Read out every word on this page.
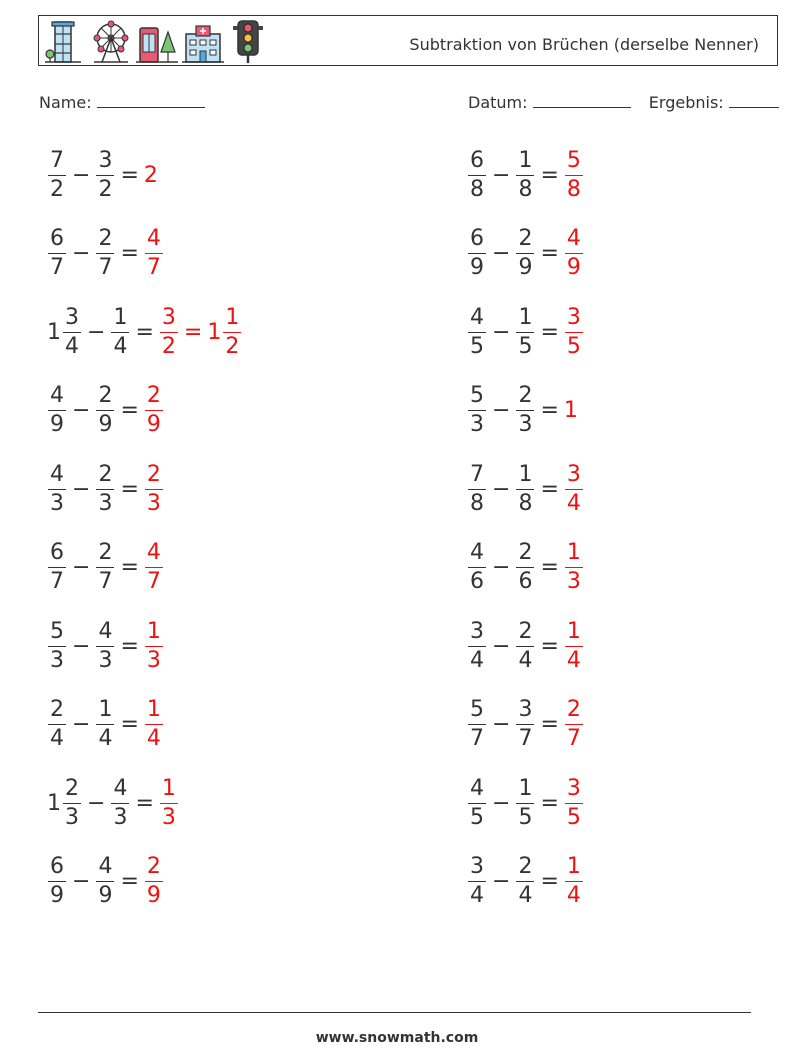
Subtraktion von Brüchen (derselbe Nenner)
Name:	Datum:	Ergebnis:
$\frac{7}{2} - \frac{3}{2} = 2$	$\frac{6}{8} - \frac{1}{8} = \frac{5}{8}$
$\frac{6}{7} - \frac{2}{7} = \frac{4}{7}$	$\frac{6}{9} - \frac{2}{9} = \frac{4}{9}$
$1 \frac{3}{4} - \frac{1}{4} = \frac{3}{2} = 1 \frac{1}{2}$	$\frac{4}{5} - \frac{1}{5} = \frac{3}{5}$
$\frac{4}{9} - \frac{2}{9} = \frac{2}{9}$	$\frac{5}{3} - \frac{2}{3} = 1$
$\frac{4}{3} - \frac{2}{3} = \frac{2}{3}$	$\frac{7}{8} - \frac{1}{8} = \frac{3}{4}$
$\frac{6}{7} - \frac{2}{7} = \frac{4}{7}$	$\frac{4}{6} - \frac{2}{6} = \frac{1}{3}$
$\frac{5}{3} - \frac{4}{3} = \frac{1}{3}$	$\frac{3}{4} - \frac{2}{4} = \frac{1}{4}$
$\frac{2}{4} - \frac{1}{4} = \frac{1}{4}$	$\frac{5}{7} - \frac{3}{7} = \frac{2}{7}$
$1 \frac{2}{3} - \frac{4}{3} = \frac{1}{3}$	$\frac{4}{5} - \frac{1}{5} = \frac{3}{5}$
$\frac{6}{9} - \frac{4}{9} = \frac{2}{9}$	$\frac{3}{4} - \frac{2}{4} = \frac{1}{4}$
www.snowmath.com
